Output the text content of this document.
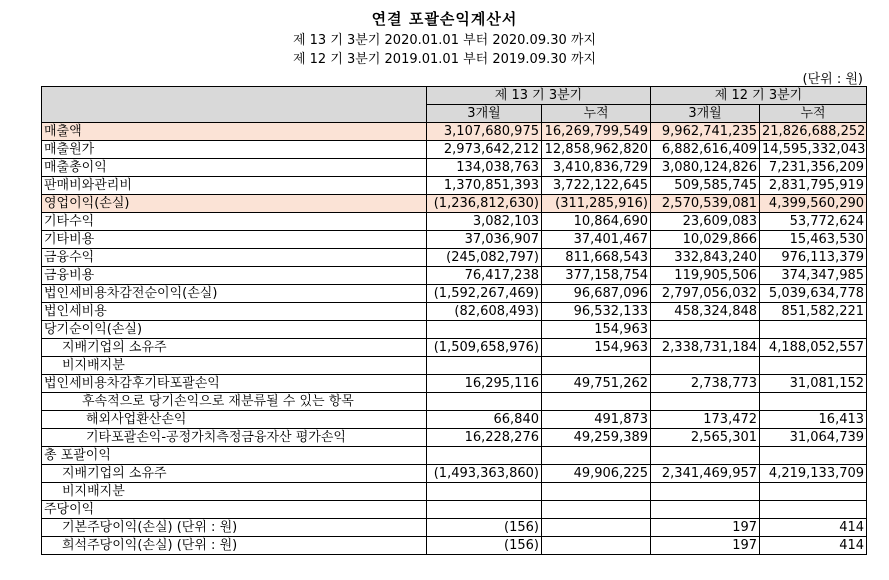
연결 포괄손익계산서
제 13 기 3분기 2020.01.01 부터 2020.09.30 까지
제 12 기 3분기 2019.01.01 부터 2019.09.30 까지
(단위 : 원)
	제 13 기 3분기		제 12 기 3분기	
	3개월	누적	3개월	누적
매출액	3,107,680,975	16,269,799,549	9,962,741,235	21,826,688,252
매출원가	2,973,642,212	12,858,962,820	6,882,616,409	14,595,332,043
매출총이익	134,038,763	3,410,836,729	3,080,124,826	7,231,356,209
판매비와관리비	1,370,851,393	3,722,122,645	509,585,745	2,831,795,919
영업이익(손실)	(1,236,812,630)	(311,285,916)	2,570,539,081	4,399,560,290
기타수익	3,082,103	10,864,690	23,609,083	53,772,624
기타비용	37,036,907	37,401,467	10,029,866	15,463,530
금융수익	(245,082,797)	811,668,543	332,843,240	976,113,379
금융비용	76,417,238	377,158,754	119,905,506	374,347,985
법인세비용차감전순이익(손실)	(1,592,267,469)	96,687,096	2,797,056,032	5,039,634,778
법인세비용	(82,608,493)	96,532,133	458,324,848	851,582,221
당기순이익(손실)		154,963		
지배기업의 소유주	(1,509,658,976)	154,963	2,338,731,184	4,188,052,557
비지배지분				
법인세비용차감후기타포괄손익	16,295,116	49,751,262	2,738,773	31,081,152
후속적으로 당기손익으로 재분류될 수 있는 항목				
해외사업환산손익	66,840	491,873	173,472	16,413
기타포괄손익-공정가치측정금융자산 평가손익	16,228,276	49,259,389	2,565,301	31,064,739
총 포괄이익				
지배기업의 소유주	(1,493,363,860)	49,906,225	2,341,469,957	4,219,133,709
비지배지분				
주당이익				
기본주당이익(손실) (단위 : 원)	(156)		197	414
희석주당이익(손실) (단위 : 원)	(156)		197	414
